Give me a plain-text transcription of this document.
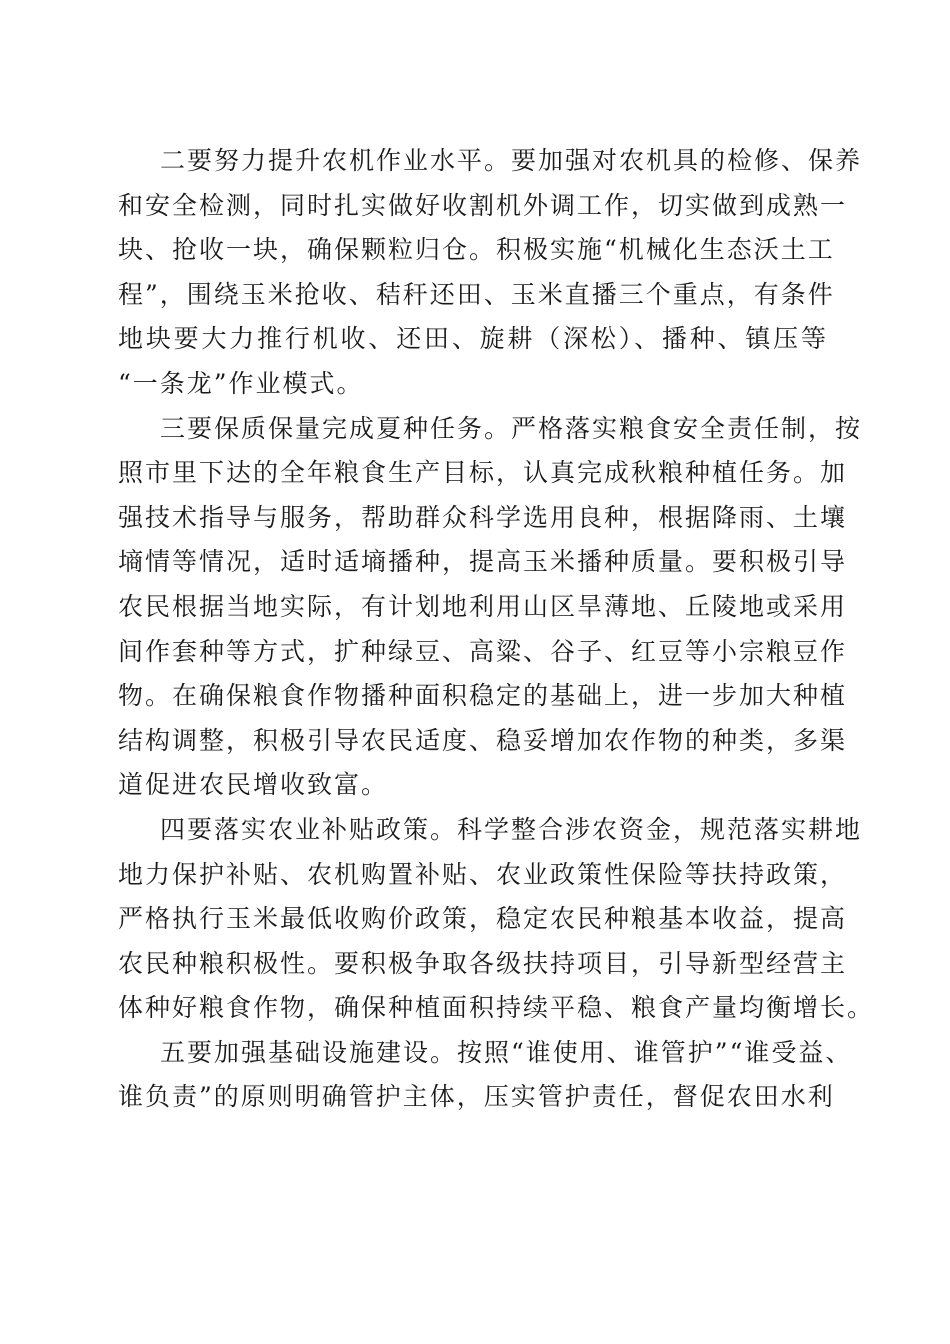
二要努力提升农机作业水平。要加强对农机具的检修、保养
和安全检测，同时扎实做好收割机外调工作，切实做到成熟一
块、抢收一块，确保颗粒归仓。积极实施“机械化生态沃土工
程”，围绕玉米抢收、秸秆还田、玉米直播三个重点，有条件
地块要大力推行机收、还田、旋耕（深松）、播种、镇压等
“一条龙”作业模式。
三要保质保量完成夏种任务。严格落实粮食安全责任制，按
照市里下达的全年粮食生产目标，认真完成秋粮种植任务。加
强技术指导与服务，帮助群众科学选用良种，根据降雨、土壤
墒情等情况，适时适墒播种，提高玉米播种质量。要积极引导
农民根据当地实际，有计划地利用山区旱薄地、丘陵地或采用
间作套种等方式，扩种绿豆、高粱、谷子、红豆等小宗粮豆作
物。在确保粮食作物播种面积稳定的基础上，进一步加大种植
结构调整，积极引导农民适度、稳妥增加农作物的种类，多渠
道促进农民增收致富。
四要落实农业补贴政策。科学整合涉农资金，规范落实耕地
地力保护补贴、农机购置补贴、农业政策性保险等扶持政策，
严格执行玉米最低收购价政策，稳定农民种粮基本收益，提高
农民种粮积极性。要积极争取各级扶持项目，引导新型经营主
体种好粮食作物，确保种植面积持续平稳、粮食产量均衡增长。
五要加强基础设施建设。按照“谁使用、谁管护”“谁受益、
谁负责”的原则明确管护主体，压实管护责任，督促农田水利
